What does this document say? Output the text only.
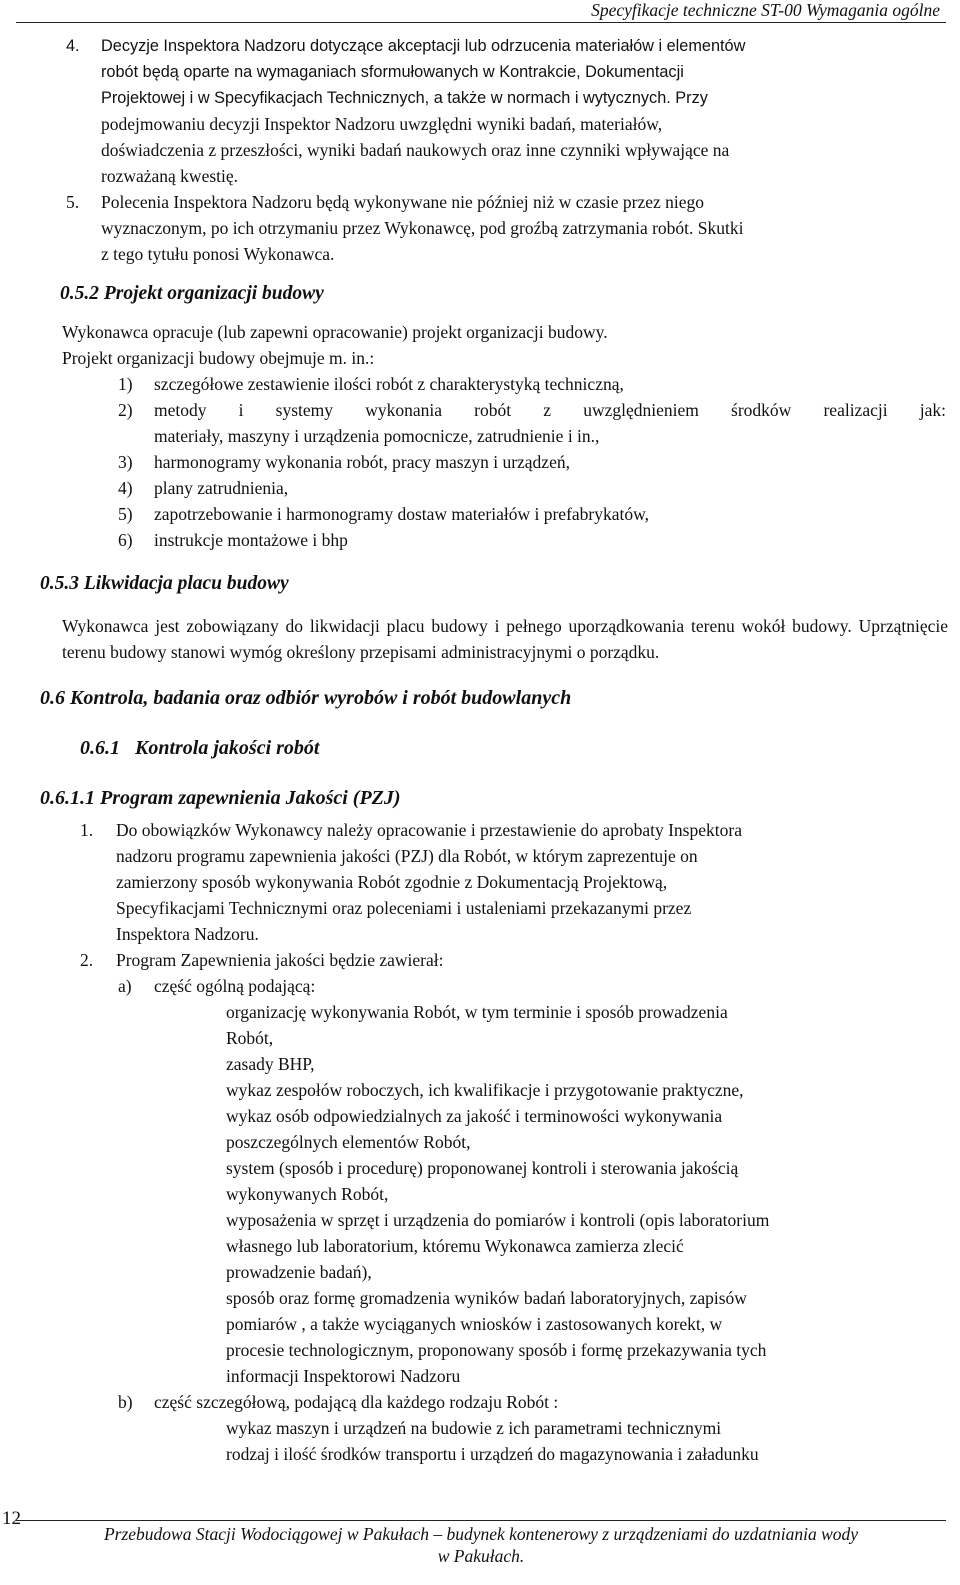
Specyfikacje techniczne ST-00 Wymagania ogólne
4. Decyzje Inspektora Nadzoru dotyczące akceptacji lub odrzucenia materiałów i elementów
robót będą oparte na wymaganiach sformułowanych w Kontrakcie, Dokumentacji
Projektowej i w Specyfikacjach Technicznych, a także w normach i wytycznych. Przy
podejmowaniu decyzji Inspektor Nadzoru uwzględni wyniki badań, materiałów,
doświadczenia z przeszłości, wyniki badań naukowych oraz inne czynniki wpływające na
rozważaną kwestię.
5. Polecenia Inspektora Nadzoru będą wykonywane nie później niż w czasie przez niego
wyznaczonym, po ich otrzymaniu przez Wykonawcę, pod groźbą zatrzymania robót. Skutki
z tego tytułu ponosi Wykonawca.
0.5.2 Projekt organizacji budowy
Wykonawca opracuje (lub zapewni opracowanie) projekt organizacji budowy.
Projekt organizacji budowy obejmuje m. in.:
1) szczegółowe zestawienie ilości robót z charakterystyką techniczną,
2) metody i systemy wykonania robót z uwzględnieniem środków realizacji jak:
materiały, maszyny i urządzenia pomocnicze, zatrudnienie i in.,
3) harmonogramy wykonania robót, pracy maszyn i urządzeń,
4) plany zatrudnienia,
5) zapotrzebowanie i harmonogramy dostaw materiałów i prefabrykatów,
6) instrukcje montażowe i bhp
0.5.3 Likwidacja placu budowy
Wykonawca jest zobowiązany do likwidacji placu budowy i pełnego uporządkowania terenu wokół budowy. Uprzątnięcie terenu budowy stanowi wymóg określony przepisami administracyjnymi o porządku.
0.6 Kontrola, badania oraz odbiór wyrobów i robót budowlanych
0.6.1   Kontrola jakości robót
0.6.1.1 Program zapewnienia Jakości (PZJ)
1. Do obowiązków Wykonawcy należy opracowanie i przestawienie do aprobaty Inspektora
nadzoru programu zapewnienia jakości (PZJ) dla Robót, w którym zaprezentuje on
zamierzony sposób wykonywania Robót zgodnie z Dokumentacją Projektową,
Specyfikacjami Technicznymi oraz poleceniami i ustaleniami przekazanymi przez
Inspektora Nadzoru.
2. Program Zapewnienia jakości będzie zawierał:
a) część ogólną podającą:
organizację wykonywania Robót, w tym terminie i sposób prowadzenia
Robót,
zasady BHP,
wykaz zespołów roboczych, ich kwalifikacje i przygotowanie praktyczne,
wykaz osób odpowiedzialnych za jakość i terminowości wykonywania
poszczególnych elementów Robót,
system (sposób i procedurę) proponowanej kontroli i sterowania jakością
wykonywanych Robót,
wyposażenia w sprzęt i urządzenia do pomiarów i kontroli (opis laboratorium
własnego lub laboratorium, któremu Wykonawca zamierza zlecić
prowadzenie badań),
sposób oraz formę gromadzenia wyników badań laboratoryjnych, zapisów
pomiarów , a także wyciąganych wniosków i zastosowanych korekt, w
procesie technologicznym, proponowany sposób i formę przekazywania tych
informacji Inspektorowi Nadzoru
b) część szczegółową, podającą dla każdego rodzaju Robót :
wykaz maszyn i urządzeń na budowie z ich parametrami technicznymi
rodzaj i ilość środków transportu i urządzeń do magazynowania i załadunku
12
Przebudowa Stacji Wodociągowej w Pakułach – budynek kontenerowy z urządzeniami do uzdatniania wody
w Pakułach.
